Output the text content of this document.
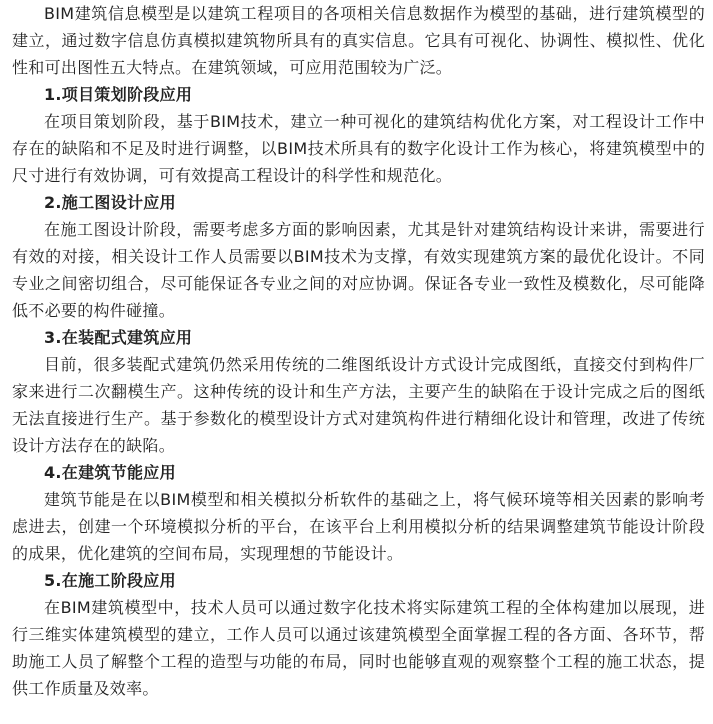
BIM建筑信息模型是以建筑工程项目的各项相关信息数据作为模型的基础，进行建筑模型的建立，通过数字信息仿真模拟建筑物所具有的真实信息。它具有可视化、协调性、模拟性、优化性和可出图性五大特点。在建筑领域，可应用范围较为广泛。

1.项目策划阶段应用

在项目策划阶段，基于BIM技术，建立一种可视化的建筑结构优化方案，对工程设计工作中存在的缺陷和不足及时进行调整，以BIM技术所具有的数字化设计工作为核心，将建筑模型中的尺寸进行有效协调，可有效提高工程设计的科学性和规范化。

2.施工图设计应用

在施工图设计阶段，需要考虑多方面的影响因素，尤其是针对建筑结构设计来讲，需要进行有效的对接，相关设计工作人员需要以BIM技术为支撑，有效实现建筑方案的最优化设计。不同专业之间密切组合，尽可能保证各专业之间的对应协调。保证各专业一致性及模数化，尽可能降低不必要的构件碰撞。

3.在装配式建筑应用

目前，很多装配式建筑仍然采用传统的二维图纸设计方式设计完成图纸，直接交付到构件厂家来进行二次翻模生产。这种传统的设计和生产方法，主要产生的缺陷在于设计完成之后的图纸无法直接进行生产。基于参数化的模型设计方式对建筑构件进行精细化设计和管理，改进了传统设计方法存在的缺陷。

4.在建筑节能应用

建筑节能是在以BIM模型和相关模拟分析软件的基础之上，将气候环境等相关因素的影响考虑进去，创建一个环境模拟分析的平台，在该平台上利用模拟分析的结果调整建筑节能设计阶段的成果，优化建筑的空间布局，实现理想的节能设计。

5.在施工阶段应用

在BIM建筑模型中，技术人员可以通过数字化技术将实际建筑工程的全体构建加以展现，进行三维实体建筑模型的建立，工作人员可以通过该建筑模型全面掌握工程的各方面、各环节，帮助施工人员了解整个工程的造型与功能的布局，同时也能够直观的观察整个工程的施工状态，提供工作质量及效率。
